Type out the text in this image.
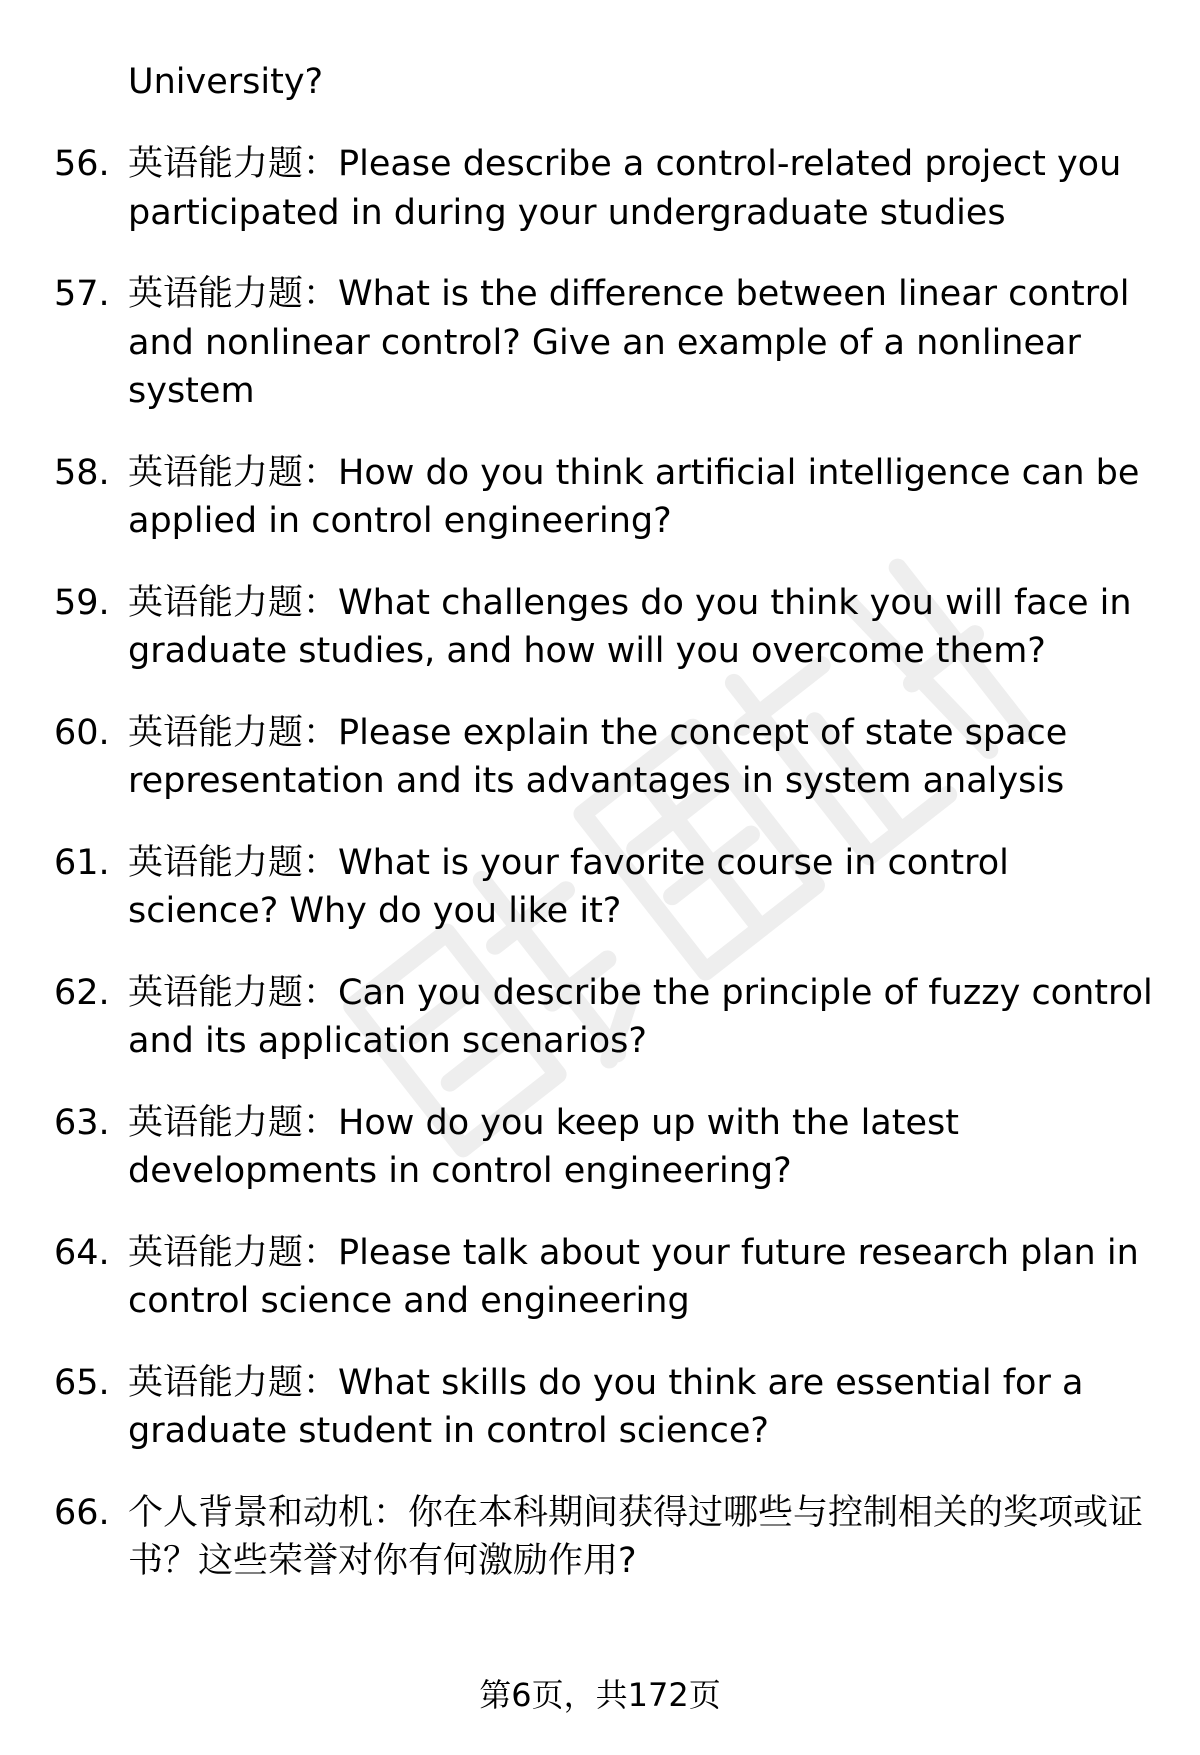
University?
56. 英语能力题：Please describe a control-related project you participated in during your undergraduate studies
57. 英语能力题：What is the difference between linear control and nonlinear control? Give an example of a nonlinear system
58. 英语能力题：How do you think artificial intelligence can be applied in control engineering?
59. 英语能力题：What challenges do you think you will face in graduate studies, and how will you overcome them?
60. 英语能力题：Please explain the concept of state space representation and its advantages in system analysis
61. 英语能力题：What is your favorite course in control science? Why do you like it?
62. 英语能力题：Can you describe the principle of fuzzy control and its application scenarios?
63. 英语能力题：How do you keep up with the latest developments in control engineering?
64. 英语能力题：Please talk about your future research plan in control science and engineering
65. 英语能力题：What skills do you think are essential for a graduate student in control science?
66. 个人背景和动机：你在本科期间获得过哪些与控制相关的奖项或证书？这些荣誉对你有何激励作用?
第6页，共172页
